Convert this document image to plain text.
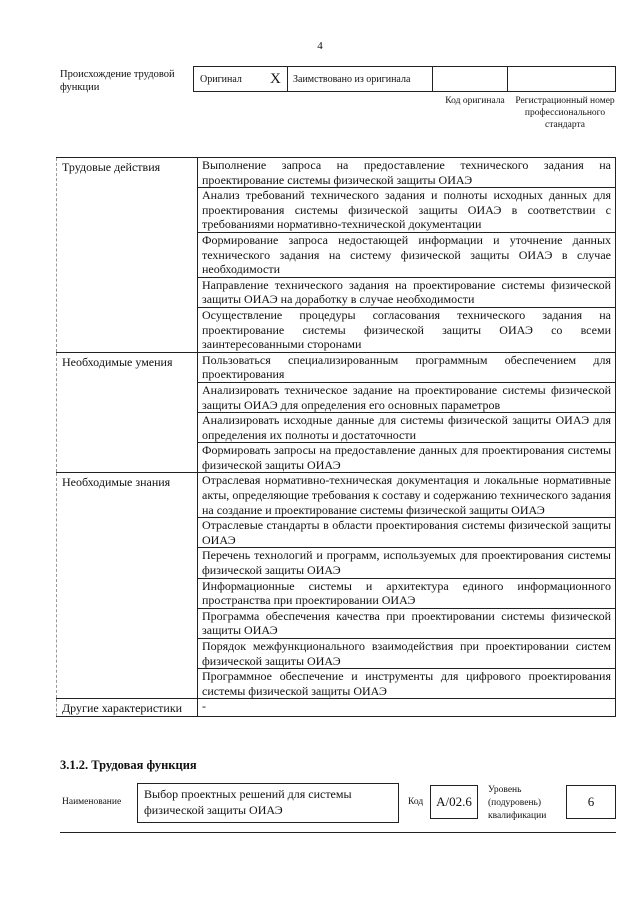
4
Происхождение трудовой функции
Оригинал X	Заимствовано из оригинала
Код оригинала	Регистрационный номер профессионального стандарта
Трудовые действия	Выполнение запроса на предоставление технического задания на проектирование системы физической защиты ОИАЭ
Анализ требований технического задания и полноты исходных данных для проектирования системы физической защиты ОИАЭ в соответствии с требованиями нормативно-технической документации
Формирование запроса недостающей информации и уточнение данных технического задания на систему физической защиты ОИАЭ в случае необходимости
Направление технического задания на проектирование системы физической защиты ОИАЭ на доработку в случае необходимости
Осуществление процедуры согласования технического задания на проектирование системы физической защиты ОИАЭ со всеми заинтересованными сторонами
Необходимые умения	Пользоваться специализированным программным обеспечением для проектирования
Анализировать техническое задание на проектирование системы физической защиты ОИАЭ для определения его основных параметров
Анализировать исходные данные для системы физической защиты ОИАЭ для определения их полноты и достаточности
Формировать запросы на предоставление данных для проектирования системы физической защиты ОИАЭ
Необходимые знания	Отраслевая нормативно-техническая документация и локальные нормативные акты, определяющие требования к составу и содержанию технического задания на создание и проектирование системы физической защиты ОИАЭ
Отраслевые стандарты в области проектирования системы физической защиты ОИАЭ
Перечень технологий и программ, используемых для проектирования системы физической защиты ОИАЭ
Информационные системы и архитектура единого информационного пространства при проектировании ОИАЭ
Программа обеспечения качества при проектировании системы физической защиты ОИАЭ
Порядок межфункционального взаимодействия при проектировании систем физической защиты ОИАЭ
Программное обеспечение и инструменты для цифрового проектирования системы физической защиты ОИАЭ
Другие характеристики	-
3.1.2. Трудовая функция
Наименование
Выбор проектных решений для системы физической защиты ОИАЭ
Код A/02.6
Уровень (подуровень) квалификации
6
